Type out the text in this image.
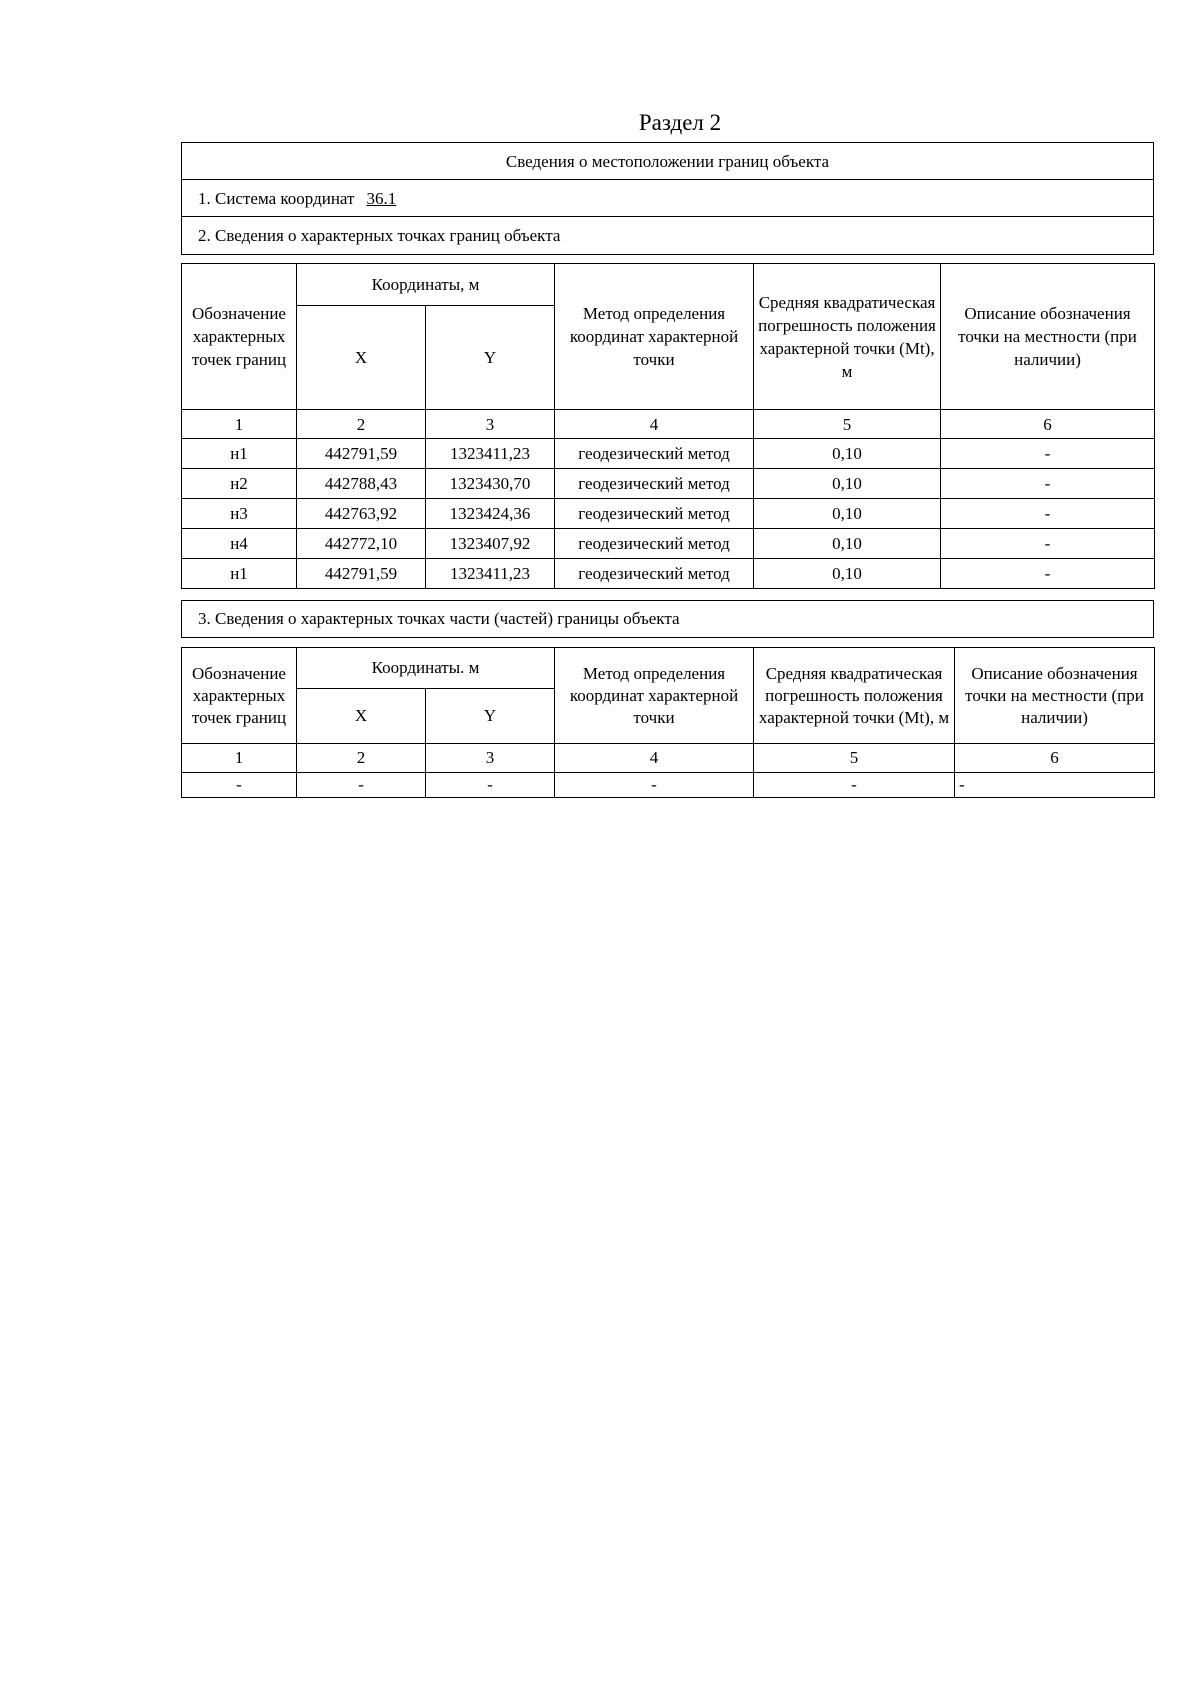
Раздел 2
Сведения о местоположении границ объекта
1. Система координат 36.1
2. Сведения о характерных точках границ объекта
Обозначение характерных точек границ	Координаты, м		Метод определения координат характерной точки	Средняя квадратическая погрешность положения характерной точки (Mt), м	Описание обозначения точки на местности (при наличии)
	X	Y			
1	2	3	4	5	6
н1	442791,59	1323411,23	геодезический метод	0,10	-
н2	442788,43	1323430,70	геодезический метод	0,10	-
н3	442763,92	1323424,36	геодезический метод	0,10	-
н4	442772,10	1323407,92	геодезический метод	0,10	-
н1	442791,59	1323411,23	геодезический метод	0,10	-
3. Сведения о характерных точках части (частей) границы объекта
Обозначение характерных точек границ	Координаты. м		Метод определения координат характерной точки	Средняя квадратическая погрешность положения характерной точки (Mt), м	Описание обозначения точки на местности (при наличии)
	X	Y			
1	2	3	4	5	6
-	-	-	-	-	-
